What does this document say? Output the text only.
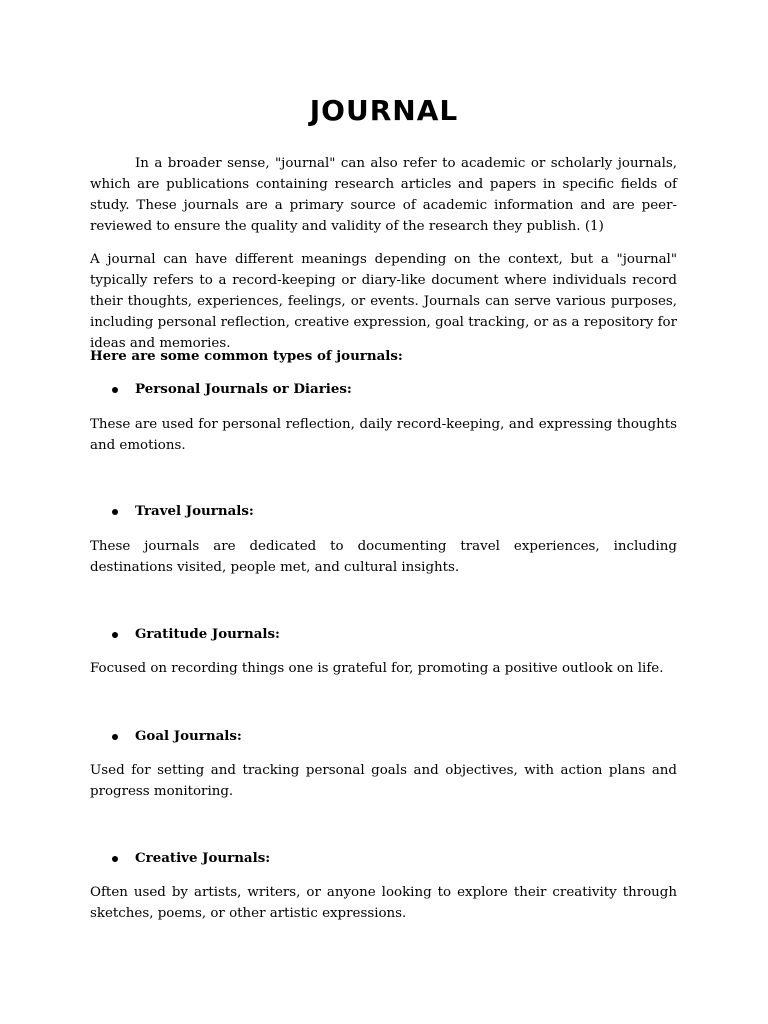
JOURNAL

In a broader sense, "journal" can also refer to academic or scholarly journals, which are publications containing research articles and papers in specific fields of study. These journals are a primary source of academic information and are peer-reviewed to ensure the quality and validity of the research they publish. (1)

A journal can have different meanings depending on the context, but a "journal" typically refers to a record-keeping or diary-like document where individuals record their thoughts, experiences, feelings, or events. Journals can serve various purposes, including personal reflection, creative expression, goal tracking, or as a repository for ideas and memories.

Here are some common types of journals:
Personal Journals or Diaries:

These are used for personal reflection, daily record-keeping, and expressing thoughts and emotions.

Travel Journals:

These journals are dedicated to documenting travel experiences, including destinations visited, people met, and cultural insights.

Gratitude Journals:

Focused on recording things one is grateful for, promoting a positive outlook on life.

Goal Journals:

Used for setting and tracking personal goals and objectives, with action plans and progress monitoring.

Creative Journals:

Often used by artists, writers, or anyone looking to explore their creativity through sketches, poems, or other artistic expressions.
